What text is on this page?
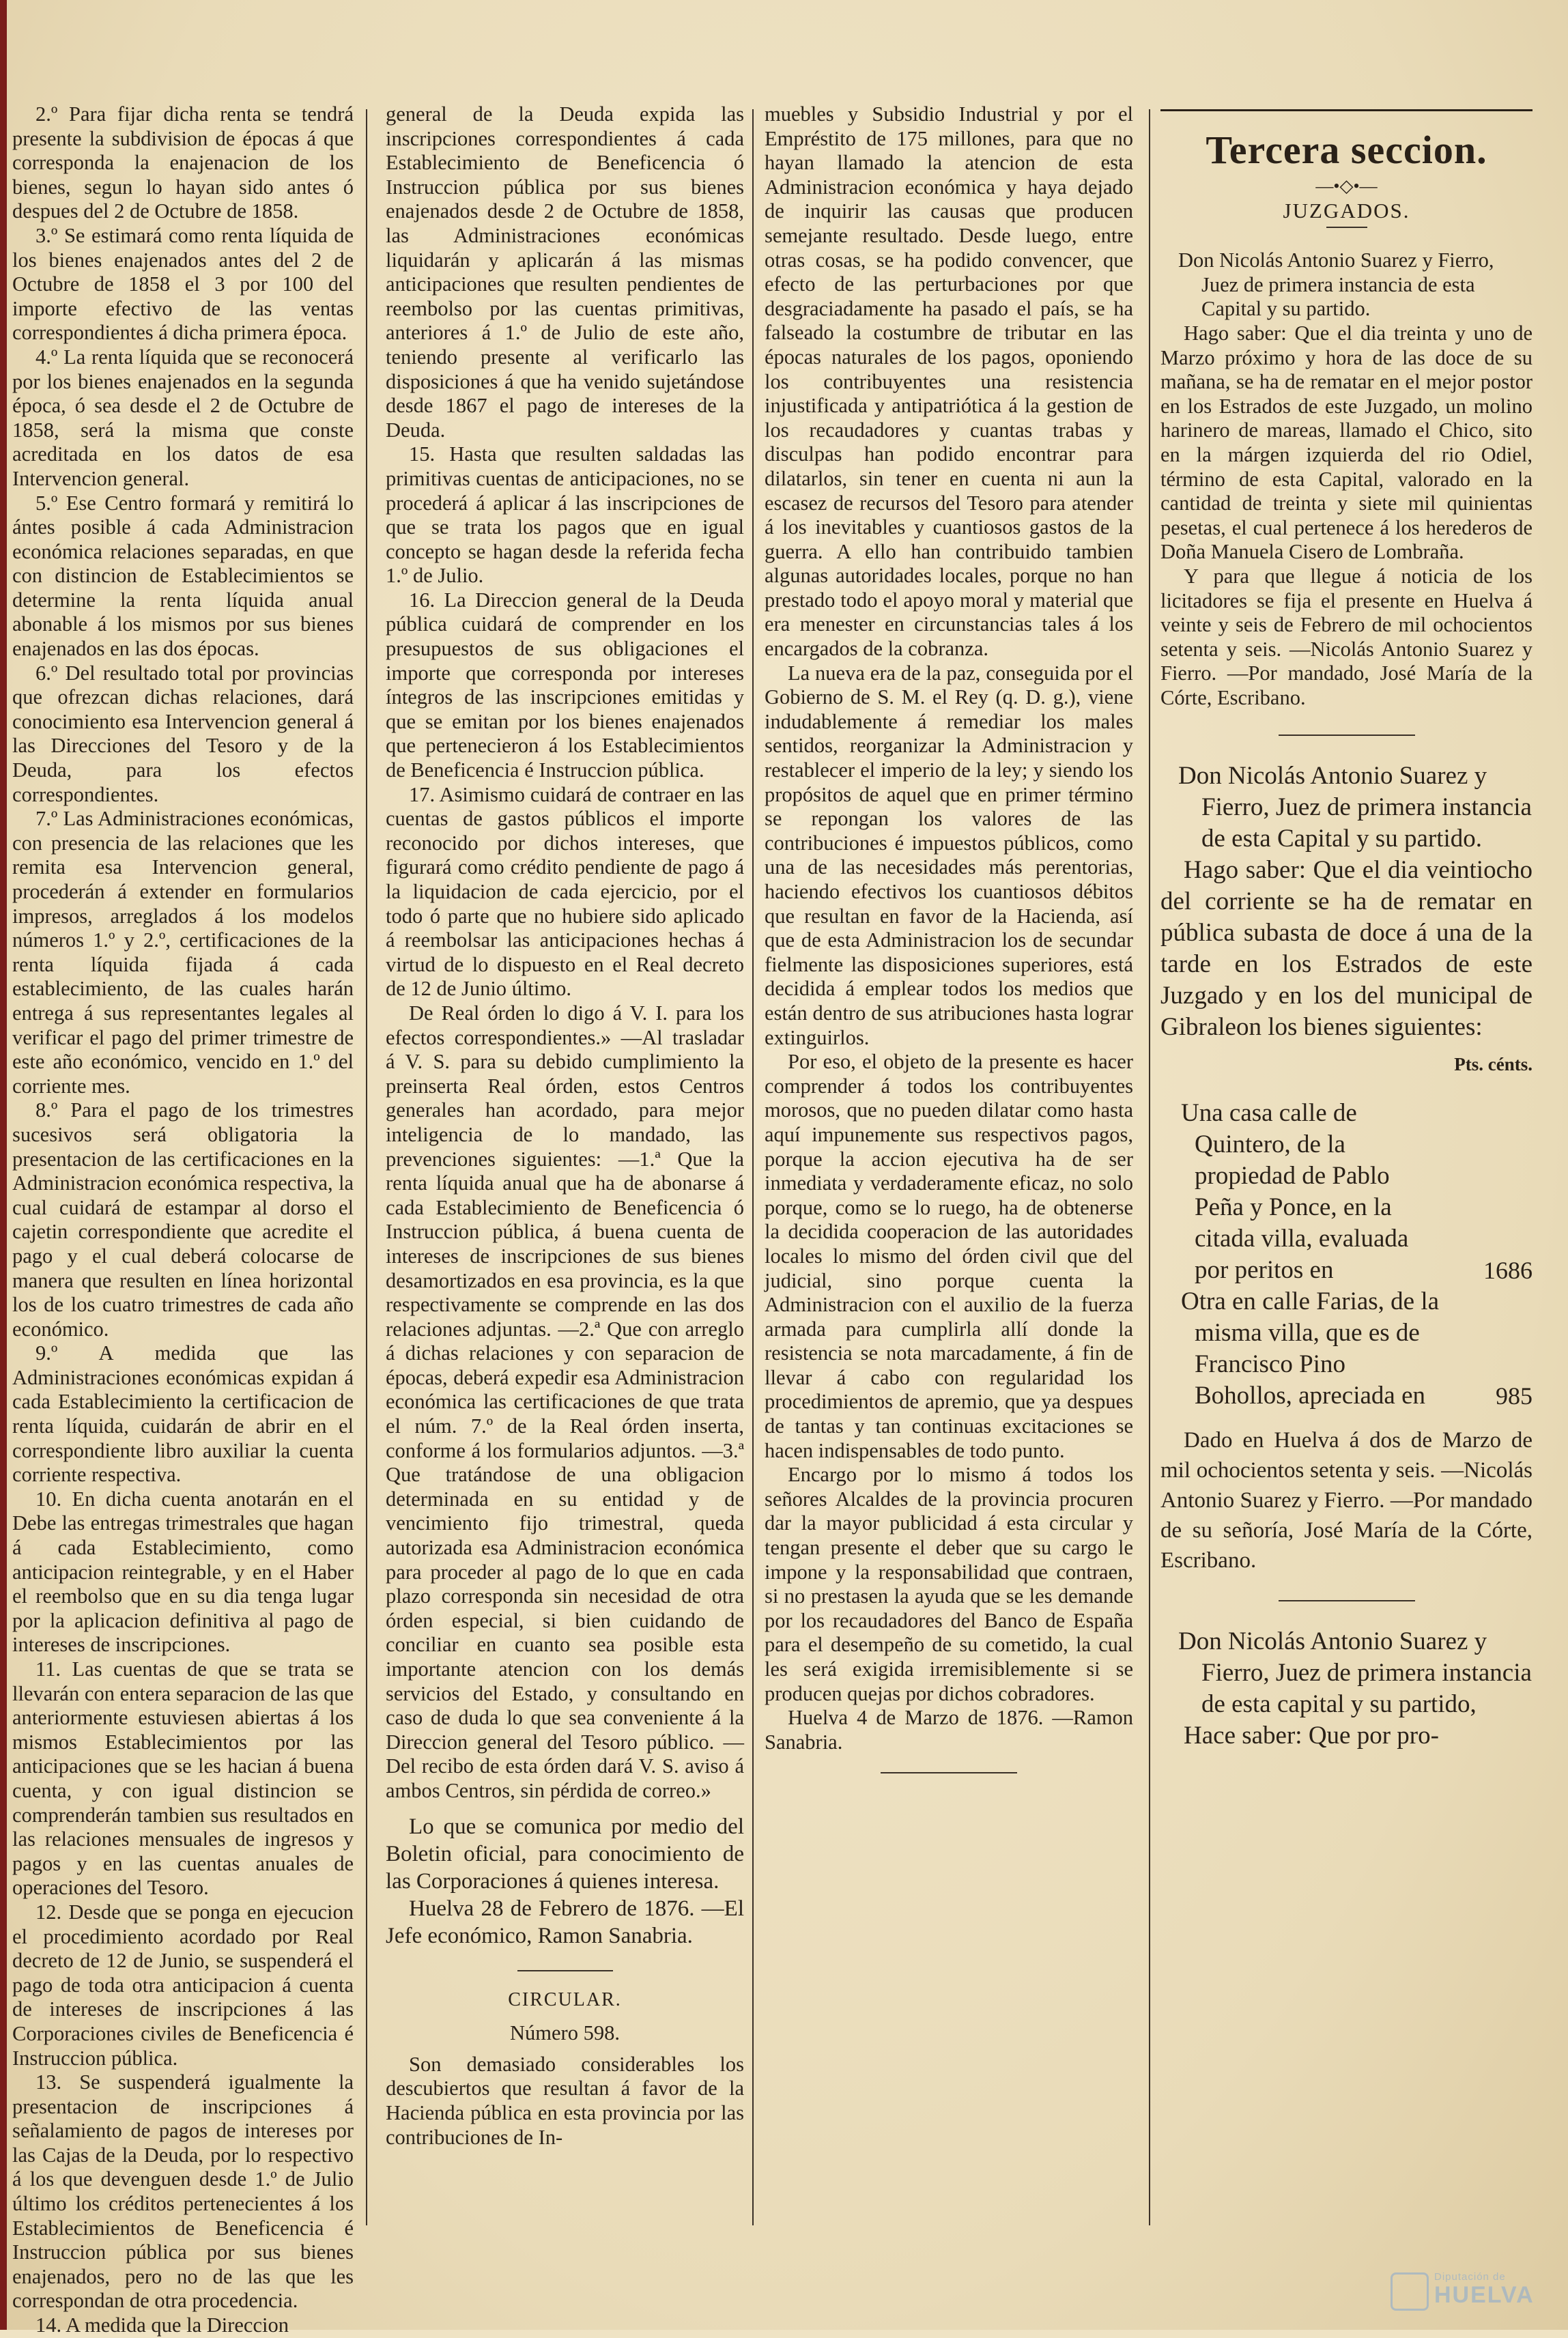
2.º Para fijar dicha renta se tendrá presente la subdivision de épocas á que corresponda la enajenacion de los bienes, segun lo hayan sido antes ó despues del 2 de Octubre de 1858.

3.º Se estimará como renta líquida de los bienes enajenados antes del 2 de Octubre de 1858 el 3 por 100 del importe efectivo de las ventas correspondientes á dicha primera época.

4.º La renta líquida que se reconocerá por los bienes enajenados en la segunda época, ó sea desde el 2 de Octubre de 1858, será la misma que conste acreditada en los datos de esa Intervencion general.

5.º Ese Centro formará y remitirá lo ántes posible á cada Administracion económica relaciones separadas, en que con distincion de Establecimientos se determine la renta líquida anual abonable á los mismos por sus bienes enajenados en las dos épocas.

6.º Del resultado total por provincias que ofrezcan dichas relaciones, dará conocimiento esa Intervencion general á las Direcciones del Tesoro y de la Deuda, para los efectos correspondientes.

7.º Las Administraciones económicas, con presencia de las relaciones que les remita esa Intervencion general, procederán á extender en formularios impresos, arreglados á los modelos números 1.º y 2.º, certificaciones de la renta líquida fijada á cada establecimiento, de las cuales harán entrega á sus representantes legales al verificar el pago del primer trimestre de este año económico, vencido en 1.º del corriente mes.

8.º Para el pago de los trimestres sucesivos será obligatoria la presentacion de las certificaciones en la Administracion económica respectiva, la cual cuidará de estampar al dorso el cajetin correspondiente que acredite el pago y el cual deberá colocarse de manera que resulten en línea horizontal los de los cuatro trimestres de cada año económico.

9.º A medida que las Administraciones económicas expidan á cada Establecimiento la certificacion de renta líquida, cuidarán de abrir en el correspondiente libro auxiliar la cuenta corriente respectiva.

10. En dicha cuenta anotarán en el Debe las entregas trimestrales que hagan á cada Establecimiento, como anticipacion reintegrable, y en el Haber el reembolso que en su dia tenga lugar por la aplicacion definitiva al pago de intereses de inscripciones.

11. Las cuentas de que se trata se llevarán con entera separacion de las que anteriormente estuviesen abiertas á los mismos Establecimientos por las anticipaciones que se les hacian á buena cuenta, y con igual distincion se comprenderán tambien sus resultados en las relaciones mensuales de ingresos y pagos y en las cuentas anuales de operaciones del Tesoro.

12. Desde que se ponga en ejecucion el procedimiento acordado por Real decreto de 12 de Junio, se suspenderá el pago de toda otra anticipacion á cuenta de intereses de inscripciones á las Corporaciones civiles de Beneficencia é Instruccion pública.

13. Se suspenderá igualmente la presentacion de inscripciones á señalamiento de pagos de intereses por las Cajas de la Deuda, por lo respectivo á los que devenguen desde 1.º de Julio último los créditos pertenecientes á los Establecimientos de Beneficencia é Instruccion pública por sus bienes enajenados, pero no de las que les correspondan de otra procedencia.

14. A medida que la Direccion

general de la Deuda expida las inscripciones correspondientes á cada Establecimiento de Beneficencia ó Instruccion pública por sus bienes enajenados desde 2 de Octubre de 1858, las Administraciones económicas liquidarán y aplicarán á las mismas anticipaciones que resulten pendientes de reembolso por las cuentas primitivas, anteriores á 1.º de Julio de este año, teniendo presente al verificarlo las disposiciones á que ha venido sujetándose desde 1867 el pago de intereses de la Deuda.

15. Hasta que resulten saldadas las primitivas cuentas de anticipaciones, no se procederá á aplicar á las inscripciones de que se trata los pagos que en igual concepto se hagan desde la referida fecha 1.º de Julio.

16. La Direccion general de la Deuda pública cuidará de comprender en los presupuestos de sus obligaciones el importe que corresponda por intereses íntegros de las inscripciones emitidas y que se emitan por los bienes enajenados que pertenecieron á los Establecimientos de Beneficencia é Instruccion pública.

17. Asimismo cuidará de contraer en las cuentas de gastos públicos el importe reconocido por dichos intereses, que figurará como crédito pendiente de pago á la liquidacion de cada ejercicio, por el todo ó parte que no hubiere sido aplicado á reembolsar las anticipaciones hechas á virtud de lo dispuesto en el Real decreto de 12 de Junio último.

De Real órden lo digo á V. I. para los efectos correspondientes.» —Al trasladar á V. S. para su debido cumplimiento la preinserta Real órden, estos Centros generales han acordado, para mejor inteligencia de lo mandado, las prevenciones siguientes: —1.ª Que la renta líquida anual que ha de abonarse á cada Establecimiento de Beneficencia ó Instruccion pública, á buena cuenta de intereses de inscripciones de sus bienes desamortizados en esa provincia, es la que respectivamente se comprende en las dos relaciones adjuntas. —2.ª Que con arreglo á dichas relaciones y con separacion de épocas, deberá expedir esa Administracion económica las certificaciones de que trata el núm. 7.º de la Real órden inserta, conforme á los formularios adjuntos. —3.ª Que tratándose de una obligacion determinada en su entidad y de vencimiento fijo trimestral, queda autorizada esa Administracion económica para proceder al pago de lo que en cada plazo corresponda sin necesidad de otra órden especial, si bien cuidando de conciliar en cuanto sea posible esta importante atencion con los demás servicios del Estado, y consultando en caso de duda lo que sea conveniente á la Direccion general del Tesoro público. —Del recibo de esta órden dará V. S. aviso á ambos Centros, sin pérdida de correo.»

Lo que se comunica por medio del Boletin oficial, para conocimiento de las Corporaciones á quienes interesa.

Huelva 28 de Febrero de 1876. —El Jefe económico, Ramon Sanabria.

CIRCULAR.

Número 598.

Son demasiado considerables los descubiertos que resultan á favor de la Hacienda pública en esta provincia por las contribuciones de In-

muebles y Subsidio Industrial y por el Empréstito de 175 millones, para que no hayan llamado la atencion de esta Administracion económica y haya dejado de inquirir las causas que producen semejante resultado. Desde luego, entre otras cosas, se ha podido convencer, que efecto de las perturbaciones por que desgraciadamente ha pasado el país, se ha falseado la costumbre de tributar en las épocas naturales de los pagos, oponiendo los contribuyentes una resistencia injustificada y antipatriótica á la gestion de los recaudadores y cuantas trabas y disculpas han podido encontrar para dilatarlos, sin tener en cuenta ni aun la escasez de recursos del Tesoro para atender á los inevitables y cuantiosos gastos de la guerra. A ello han contribuido tambien algunas autoridades locales, porque no han prestado todo el apoyo moral y material que era menester en circunstancias tales á los encargados de la cobranza.

La nueva era de la paz, conseguida por el Gobierno de S. M. el Rey (q. D. g.), viene indudablemente á remediar los males sentidos, reorganizar la Administracion y restablecer el imperio de la ley; y siendo los propósitos de aquel que en primer término se repongan los valores de las contribuciones é impuestos públicos, como una de las necesidades más perentorias, haciendo efectivos los cuantiosos débitos que resultan en favor de la Hacienda, así que de esta Administracion los de secundar fielmente las disposiciones superiores, está decidida á emplear todos los medios que están dentro de sus atribuciones hasta lograr extinguirlos.

Por eso, el objeto de la presente es hacer comprender á todos los contribuyentes morosos, que no pueden dilatar como hasta aquí impunemente sus respectivos pagos, porque la accion ejecutiva ha de ser inmediata y verdaderamente eficaz, no solo porque, como se lo ruego, ha de obtenerse la decidida cooperacion de las autoridades locales lo mismo del órden civil que del judicial, sino porque cuenta la Administracion con el auxilio de la fuerza armada para cumplirla allí donde la resistencia se nota marcadamente, á fin de llevar á cabo con regularidad los procedimientos de apremio, que ya despues de tantas y tan continuas excitaciones se hacen indispensables de todo punto.

Encargo por lo mismo á todos los señores Alcaldes de la provincia procuren dar la mayor publicidad á esta circular y tengan presente el deber que su cargo le impone y la responsabilidad que contraen, si no prestasen la ayuda que se les demande por los recaudadores del Banco de España para el desempeño de su cometido, la cual les será exigida irremisiblemente si se producen quejas por dichos cobradores.

Huelva 4 de Marzo de 1876. —Ramon Sanabria.

Tercera seccion.

—•◇•—

JUZGADOS.

Don Nicolás Antonio Suarez y Fierro, Juez de primera instancia de esta Capital y su partido.

Hago saber: Que el dia treinta y uno de Marzo próximo y hora de las doce de su mañana, se ha de rematar en el mejor postor en los Estrados de este Juzgado, un molino harinero de mareas, llamado el Chico, sito en la márgen izquierda del rio Odiel, término de esta Capital, valorado en la cantidad de treinta y siete mil quinientas pesetas, el cual pertenece á los herederos de Doña Manuela Cisero de Lombraña.

Y para que llegue á noticia de los licitadores se fija el presente en Huelva á veinte y seis de Febrero de mil ochocientos setenta y seis. —Nicolás Antonio Suarez y Fierro. —Por mandado, José María de la Córte, Escribano.

Don Nicolás Antonio Suarez y Fierro, Juez de primera instancia de esta Capital y su partido.

Hago saber: Que el dia veintiocho del corriente se ha de rematar en pública subasta de doce á una de la tarde en los Estrados de este Juzgado y en los del municipal de Gibraleon los bienes siguientes:

Pts. cénts.

Una casa calle de Quintero, de la propiedad de Pablo Peña y Ponce, en la citada villa, evaluada por peritos en	1686
Otra en calle Farias, de la misma villa, que es de Francisco Pino Bohollos, apreciada en	985

Dado en Huelva á dos de Marzo de mil ochocientos setenta y seis. —Nicolás Antonio Suarez y Fierro. —Por mandado de su señoría, José María de la Córte, Escribano.

Don Nicolás Antonio Suarez y Fierro, Juez de primera instancia de esta capital y su partido,

Hace saber: Que por pro-

Diputación de
HUELVA
